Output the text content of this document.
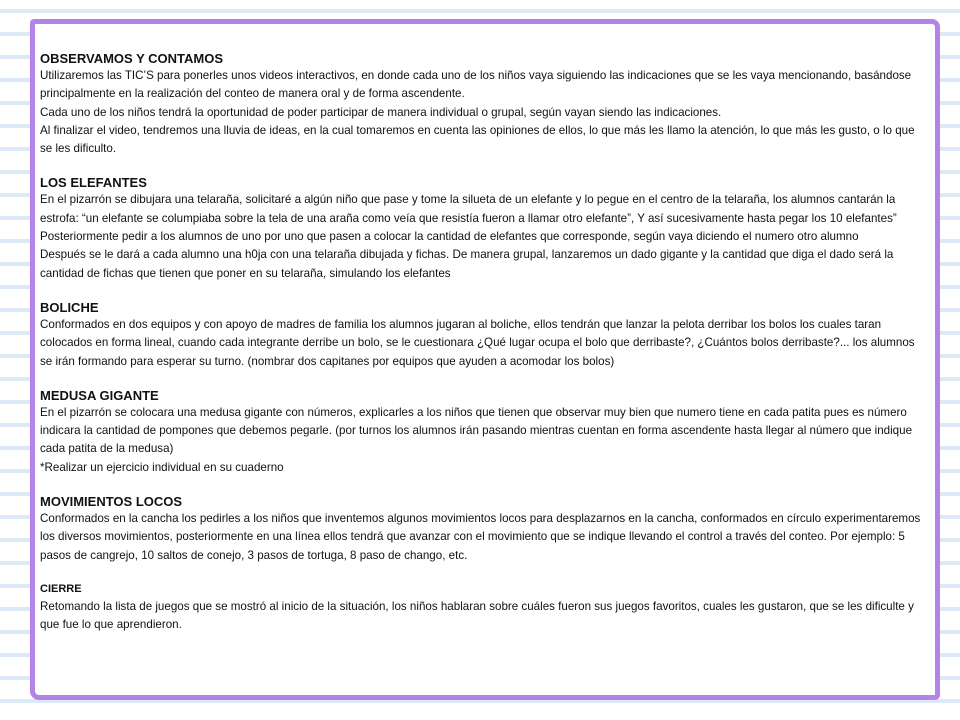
OBSERVAMOS Y CONTAMOS

Utilizaremos las TIC’S para ponerles unos videos interactivos, en donde cada uno de los niños vaya siguiendo las indicaciones que se les vaya mencionando, basándose principalmente en la realización del conteo de manera oral y de forma ascendente.

Cada uno de los niños tendrá la oportunidad de poder participar de manera individual o grupal, según vayan siendo las indicaciones.

Al finalizar el video, tendremos una lluvia de ideas, en la cual tomaremos en cuenta las opiniones de ellos, lo que más les llamo la atención, lo que más les gusto, o lo que se les dificulto.

LOS ELEFANTES

En el pizarrón se dibujara una telaraña, solicitaré a algún niño que pase y tome la silueta de un elefante y lo pegue en el centro de la telaraña, los alumnos cantarán la estrofa: “un elefante se columpiaba sobre la tela de una araña como veía que resistía fueron a llamar otro elefante”, Y así sucesivamente hasta pegar los 10 elefantes”

Posteriormente pedir a los alumnos de uno por uno que pasen a colocar la cantidad de elefantes que corresponde, según vaya diciendo el numero otro alumno

Después se le dará a cada alumno una h0ja con una telaraña dibujada y fichas. De manera grupal, lanzaremos un dado gigante y la cantidad que diga el dado será la cantidad de fichas que tienen que poner en su telaraña, simulando los elefantes

BOLICHE

Conformados en dos equipos y con apoyo de madres de familia los alumnos jugaran al boliche, ellos tendrán que lanzar la pelota derribar los bolos los cuales taran colocados en forma lineal, cuando cada integrante derribe un bolo, se le cuestionara ¿Qué lugar ocupa el bolo que derribaste?, ¿Cuántos bolos derribaste?... los alumnos se irán formando para esperar su turno. (nombrar dos capitanes por equipos que ayuden a acomodar los bolos)

MEDUSA GIGANTE

En el pizarrón se colocara una medusa gigante con números, explicarles a los niños que tienen que observar muy bien que numero tiene en cada patita pues es número indicara la cantidad de pompones que debemos pegarle. (por turnos los alumnos irán pasando mientras cuentan en forma ascendente hasta llegar al número que indique cada patita de la medusa)

*Realizar un ejercicio individual en su cuaderno

MOVIMIENTOS LOCOS

Conformados en la cancha los pedirles a los niños que inventemos algunos movimientos locos para desplazarnos en la cancha, conformados en círculo experimentaremos los diversos movimientos, posteriormente en una línea ellos tendrá que avanzar con el movimiento que se indique llevando el control a través del conteo. Por ejemplo: 5 pasos de cangrejo, 10 saltos de conejo, 3 pasos de tortuga, 8 paso de chango, etc.

CIERRE

Retomando la lista de juegos que se mostró al inicio de la situación, los niños hablaran sobre cuáles fueron sus juegos favoritos, cuales les gustaron, que se les dificulte y que fue lo que aprendieron.
